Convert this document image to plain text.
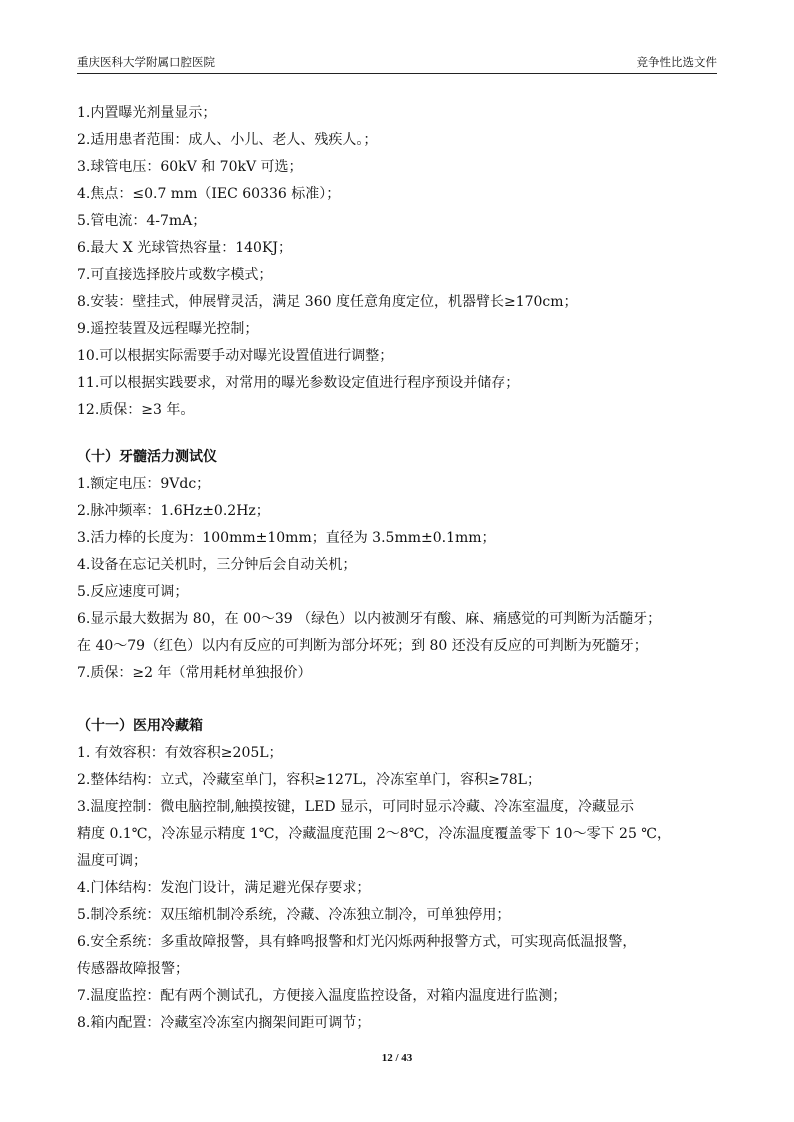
重庆医科大学附属口腔医院	竞争性比选文件
1.内置曝光剂量显示；
2.适用患者范围：成人、小儿、老人、残疾人。；
3.球管电压：60kV 和 70kV 可选；
4.焦点：≤0.7 mm（IEC 60336 标准）；
5.管电流：4-7mA；
6.最大 X 光球管热容量：140KJ；
7.可直接选择胶片或数字模式；
8.安装：壁挂式，伸展臂灵活，满足 360 度任意角度定位，机器臂长≥170cm；
9.遥控装置及远程曝光控制；
10.可以根据实际需要手动对曝光设置值进行调整；
11.可以根据实践要求，对常用的曝光参数设定值进行程序预设并储存；
12.质保：≥3 年。
（十）牙髓活力测试仪
1.额定电压：9Vdc；
2.脉冲频率：1.6Hz±0.2Hz；
3.活力棒的长度为：100mm±10mm；直径为 3.5mm±0.1mm；
4.设备在忘记关机时，三分钟后会自动关机；
5.反应速度可调；
6.显示最大数据为 80，在 00～39 （绿色）以内被测牙有酸、麻、痛感觉的可判断为活髓牙；
在 40～79（红色）以内有反应的可判断为部分坏死；到 80 还没有反应的可判断为死髓牙；
7.质保：≥2 年（常用耗材单独报价）
（十一）医用冷藏箱
1. 有效容积：有效容积≥205L；
2.整体结构：立式，冷藏室单门，容积≥127L，冷冻室单门，容积≥78L；
3.温度控制：微电脑控制,触摸按键，LED 显示，可同时显示冷藏、冷冻室温度，冷藏显示
精度 0.1℃，冷冻显示精度 1℃，冷藏温度范围 2～8℃，冷冻温度覆盖零下 10～零下 25 ℃，
温度可调；
4.门体结构：发泡门设计，满足避光保存要求；
5.制冷系统：双压缩机制冷系统，冷藏、冷冻独立制冷，可单独停用；
6.安全系统：多重故障报警，具有蜂鸣报警和灯光闪烁两种报警方式，可实现高低温报警，
传感器故障报警；
7.温度监控：配有两个测试孔，方便接入温度监控设备，对箱内温度进行监测；
8.箱内配置：冷藏室冷冻室内搁架间距可调节；
12 / 43
